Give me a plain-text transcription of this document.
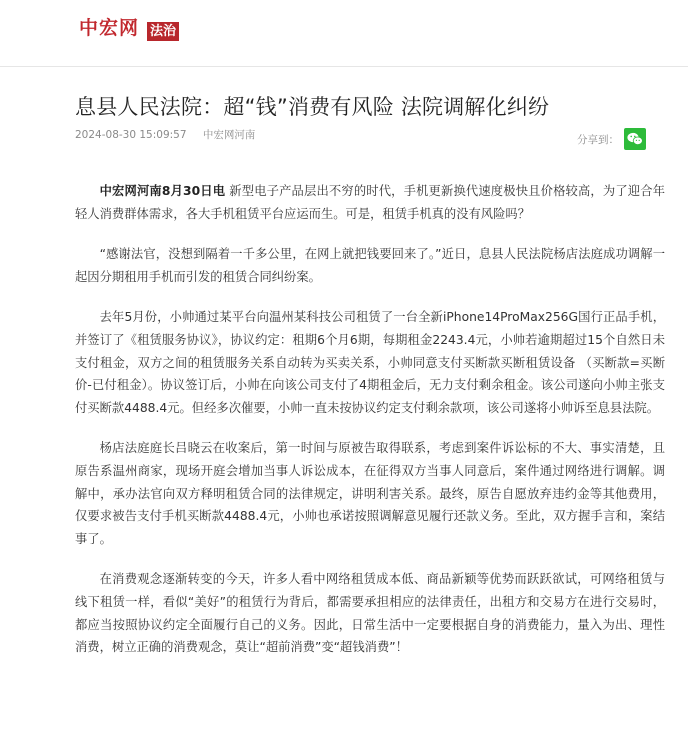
中宏网 法治
息县人民法院：超“钱”消费有风险 法院调解化纠纷
2024-08-30 15:09:57 中宏网河南	分享到：

中宏网河南8月30日电 新型电子产品层出不穷的时代，手机更新换代速度极快且价格较高，为了迎合年轻人消费群体需求，各大手机租赁平台应运而生。可是，租赁手机真的没有风险吗？

“感谢法官，没想到隔着一千多公里，在网上就把钱要回来了。”近日，息县人民法院杨店法庭成功调解一起因分期租用手机而引发的租赁合同纠纷案。

去年5月份，小帅通过某平台向温州某科技公司租赁了一台全新iPhone14ProMax256G国行正品手机，并签订了《租赁服务协议》，协议约定：租期6个月6期，每期租金2243.4元，小帅若逾期超过15个自然日未支付租金，双方之间的租赁服务关系自动转为买卖关系，小帅同意支付买断款买断租赁设备 （买断款=买断价-已付租金）。协议签订后，小帅在向该公司支付了4期租金后，无力支付剩余租金。该公司遂向小帅主张支付买断款4488.4元。但经多次催要，小帅一直未按协议约定支付剩余款项，该公司遂将小帅诉至息县法院。

杨店法庭庭长吕晓云在收案后，第一时间与原被告取得联系，考虑到案件诉讼标的不大、事实清楚，且原告系温州商家，现场开庭会增加当事人诉讼成本，在征得双方当事人同意后，案件通过网络进行调解。调解中，承办法官向双方释明租赁合同的法律规定，讲明利害关系。最终，原告自愿放弃违约金等其他费用，仅要求被告支付手机买断款4488.4元，小帅也承诺按照调解意见履行还款义务。至此，双方握手言和，案结事了。

在消费观念逐渐转变的今天，许多人看中网络租赁成本低、商品新颖等优势而跃跃欲试，可网络租赁与线下租赁一样，看似“美好”的租赁行为背后，都需要承担相应的法律责任，出租方和交易方在进行交易时，都应当按照协议约定全面履行自己的义务。因此，日常生活中一定要根据自身的消费能力，量入为出、理性消费，树立正确的消费观念，莫让“超前消费”变“超钱消费”！
